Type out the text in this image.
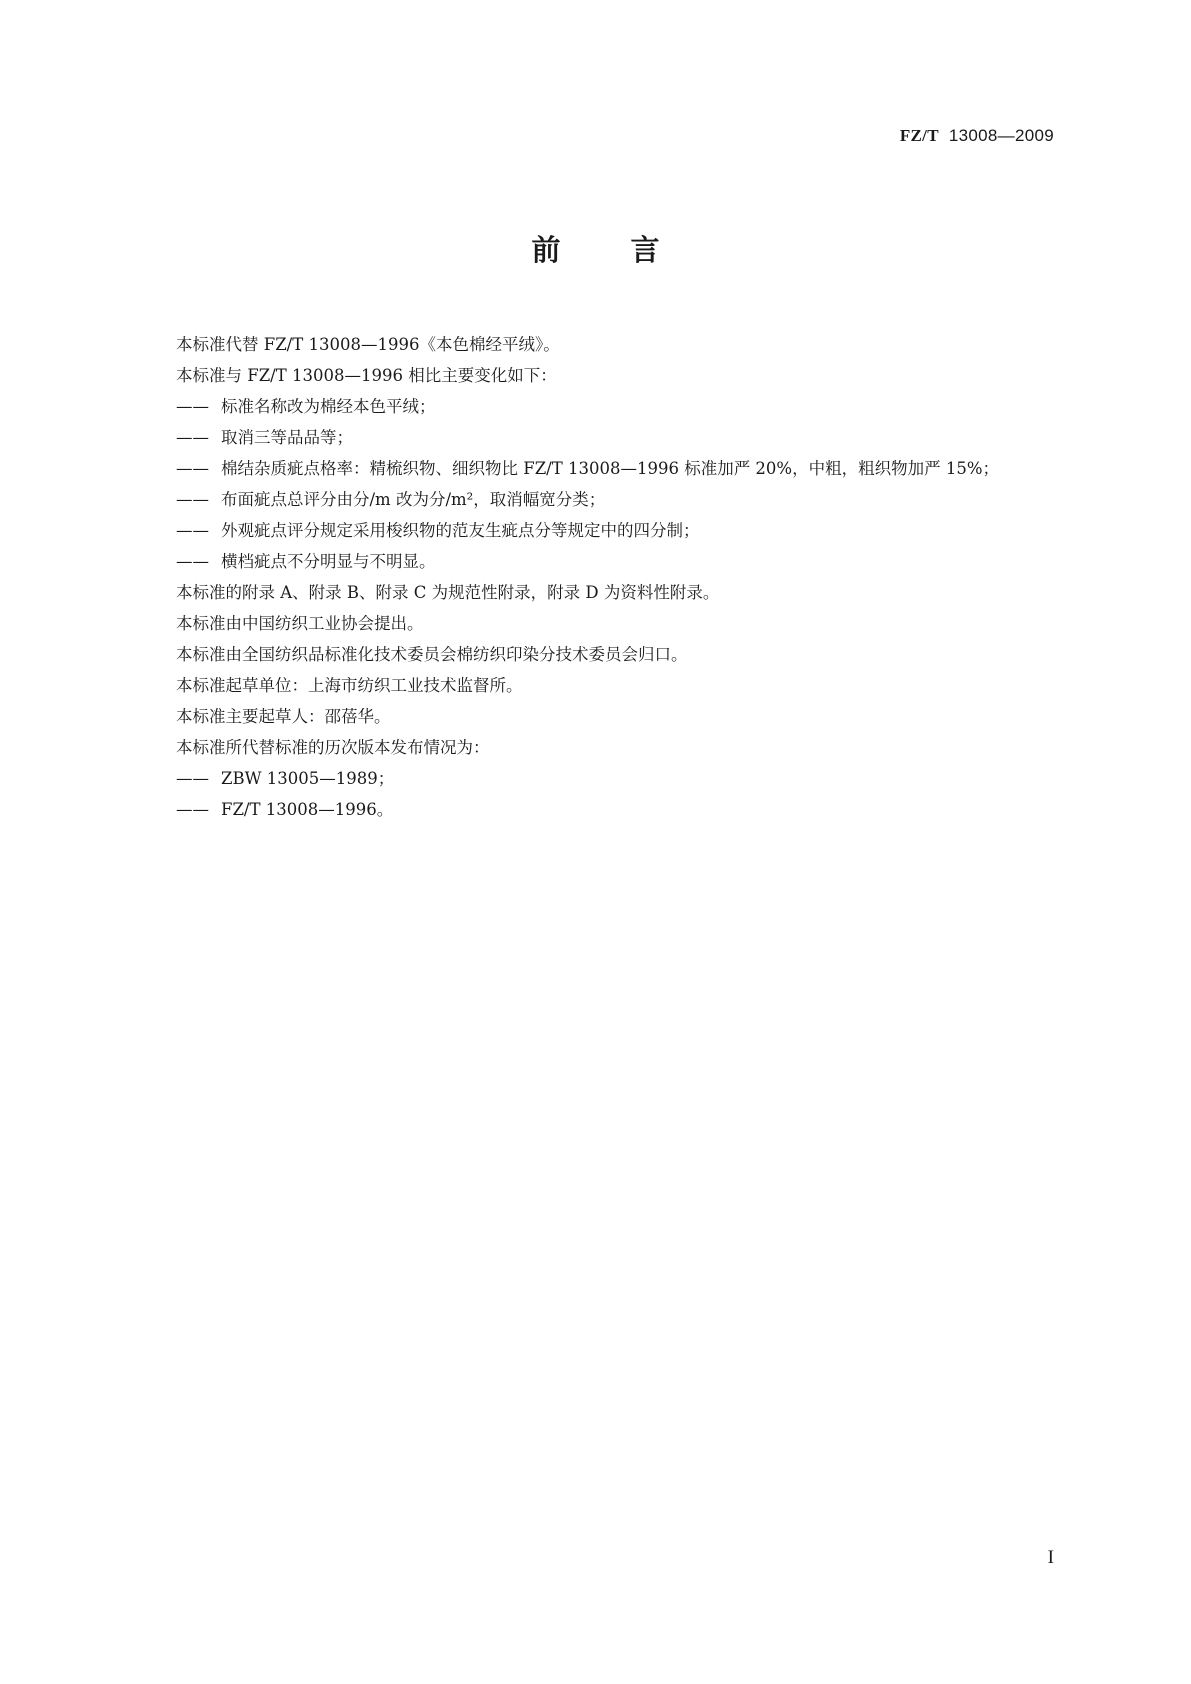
FZ/T 13008—2009
前言
本标准代替 FZ/T 13008—1996《本色棉经平绒》。
本标准与 FZ/T 13008—1996 相比主要变化如下：
—— 标准名称改为棉经本色平绒；
—— 取消三等品品等；
—— 棉结杂质疵点格率：精梳织物、细织物比 FZ/T 13008—1996 标准加严 20%，中粗，粗织物加严 15%；
—— 布面疵点总评分由分/m 改为分/m²，取消幅宽分类；
—— 外观疵点评分规定采用梭织物的范友生疵点分等规定中的四分制；
—— 横档疵点不分明显与不明显。
本标准的附录 A、附录 B、附录 C 为规范性附录，附录 D 为资料性附录。
本标准由中国纺织工业协会提出。
本标准由全国纺织品标准化技术委员会棉纺织印染分技术委员会归口。
本标准起草单位：上海市纺织工业技术监督所。
本标准主要起草人：邵蓓华。
本标准所代替标准的历次版本发布情况为：
—— ZBW 13005—1989；
—— FZ/T 13008—1996。
I
